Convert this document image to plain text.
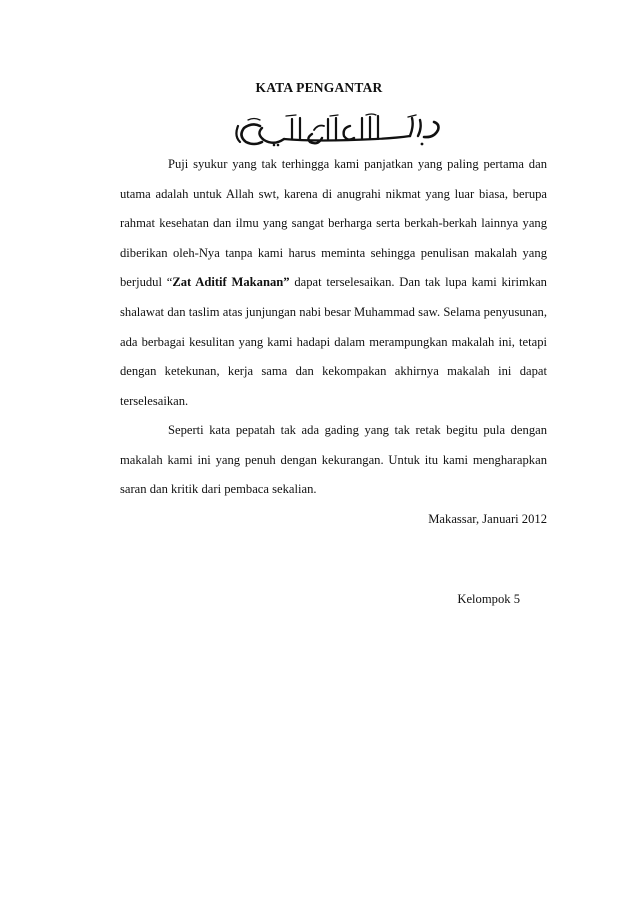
KATA PENGANTAR

Puji syukur yang tak terhingga kami panjatkan yang paling pertama dan utama adalah untuk Allah swt, karena di anugrahi nikmat yang luar biasa, berupa rahmat kesehatan dan ilmu yang sangat berharga serta berkah-berkah lainnya yang diberikan oleh-Nya tanpa kami harus meminta sehingga penulisan makalah yang berjudul “Zat Aditif Makanan” dapat terselesaikan. Dan tak lupa kami kirimkan shalawat dan taslim atas junjungan nabi besar Muhammad saw. Selama penyusunan, ada berbagai kesulitan yang kami hadapi dalam merampungkan makalah ini, tetapi dengan ketekunan, kerja sama dan kekompakan akhirnya makalah ini dapat terselesaikan.

Seperti kata pepatah tak ada gading yang tak retak begitu pula dengan makalah kami ini yang penuh dengan kekurangan. Untuk itu kami mengharapkan saran dan kritik dari pembaca sekalian.

Makassar, Januari 2012
Kelompok 5
